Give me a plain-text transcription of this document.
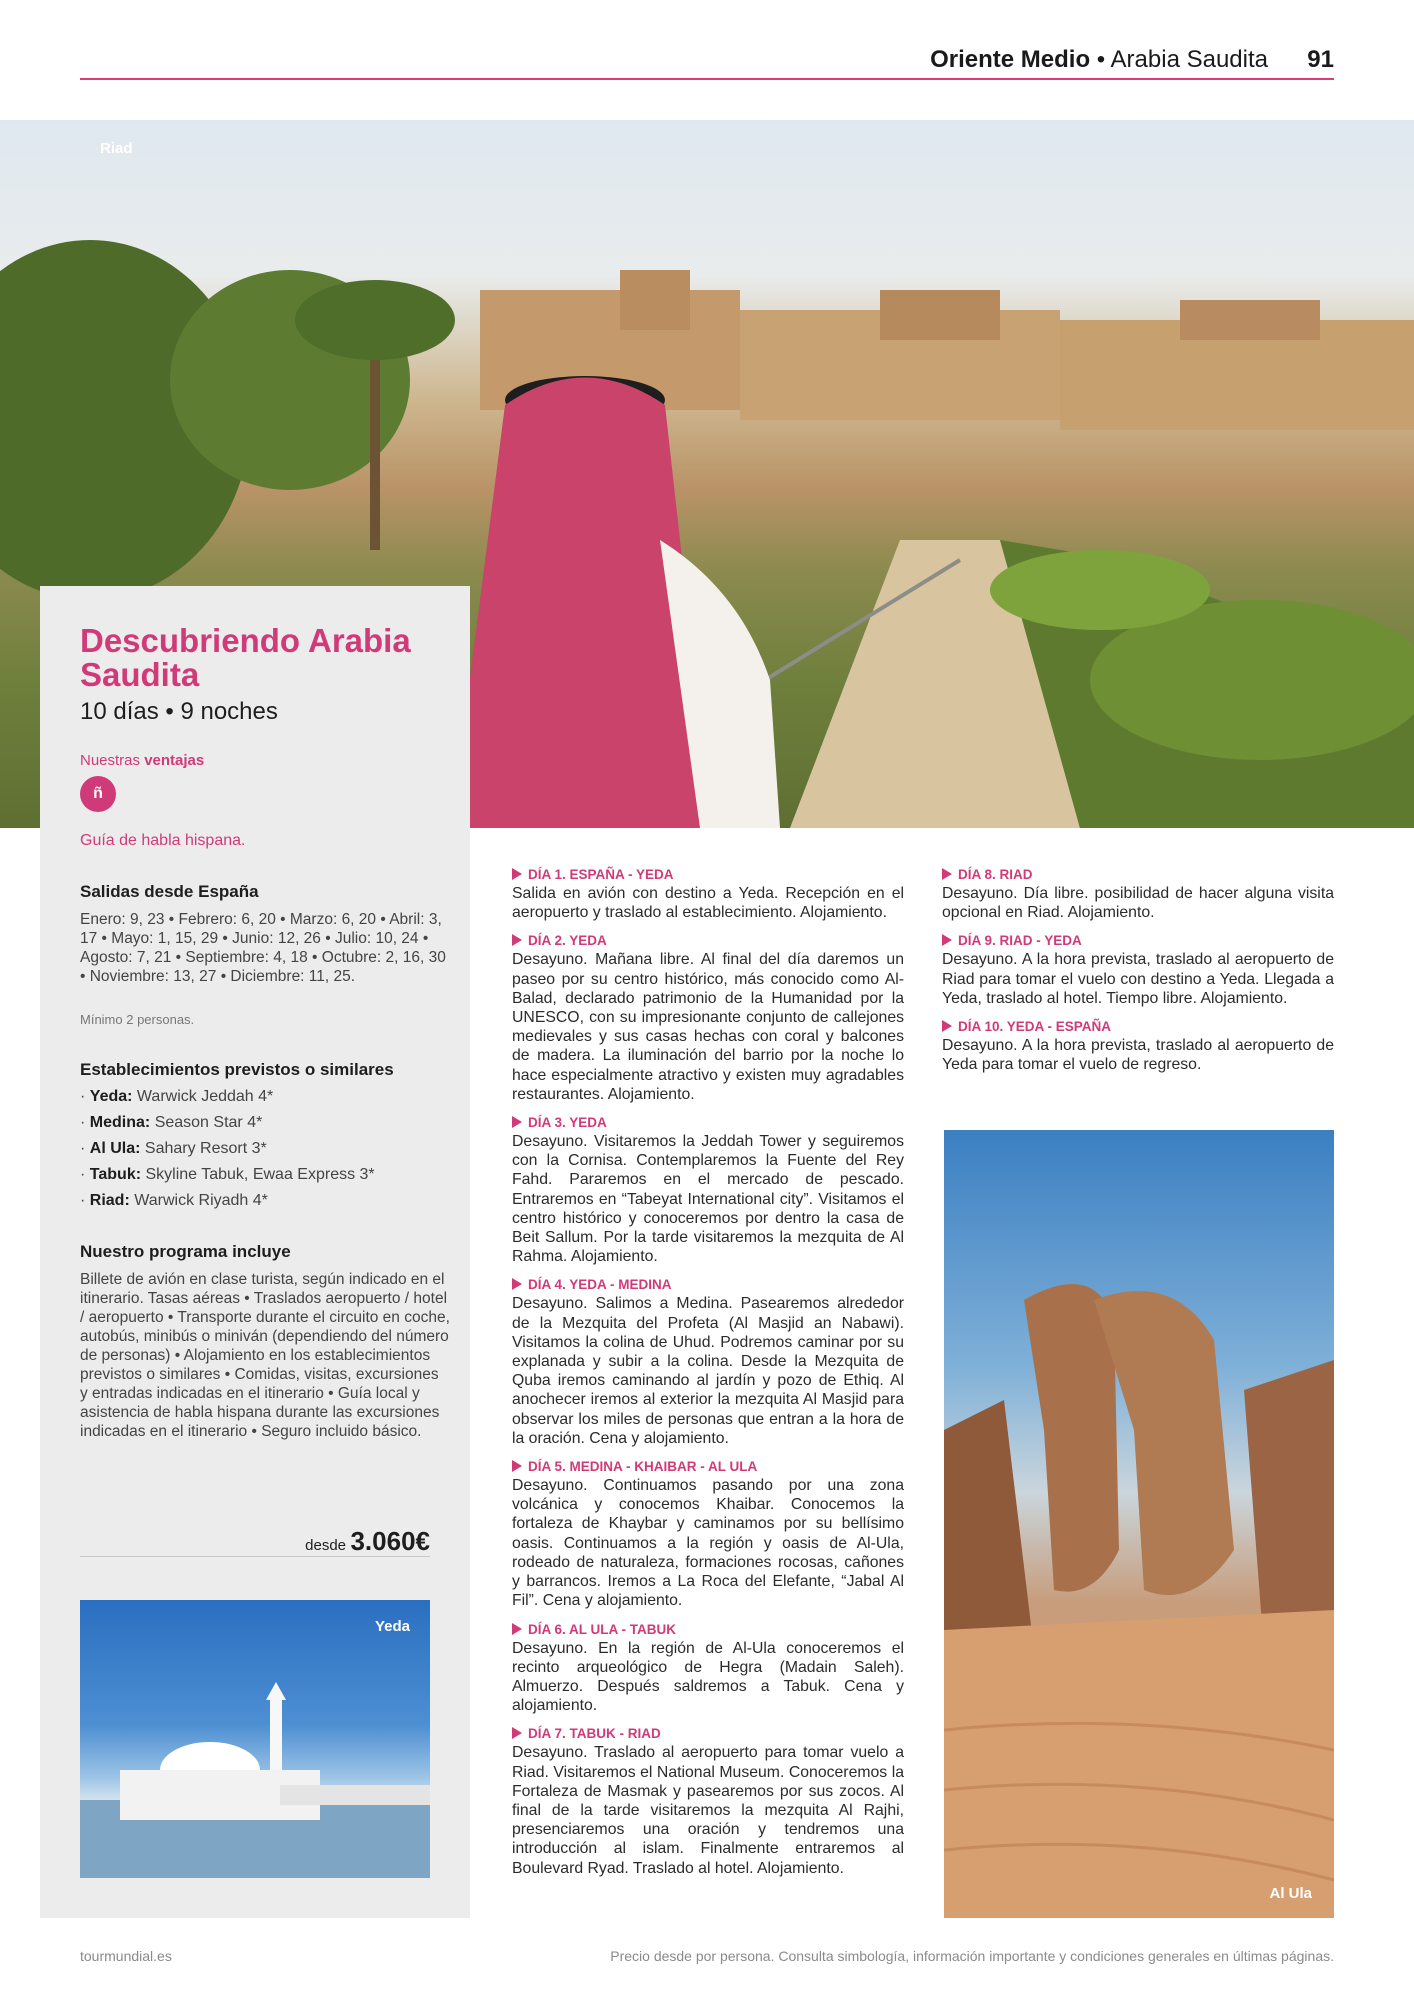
Oriente Medio • Arabia Saudita 91
Riad
Descubriendo Arabia Saudita
10 días • 9 noches
Nuestras ventajas
ñ
Guía de habla hispana.
Salidas desde España
Enero: 9, 23 • Febrero: 6, 20 • Marzo: 6, 20 • Abril: 3, 17 • Mayo: 1, 15, 29 • Junio: 12, 26 • Julio: 10, 24 • Agosto: 7, 21 • Septiembre: 4, 18 • Octubre: 2, 16, 30 • Noviembre: 13, 27 • Diciembre: 11, 25.
Mínimo 2 personas.
Establecimientos previstos o similares
· Yeda: Warwick Jeddah 4*
· Medina: Season Star 4*
· Al Ula: Sahary Resort 3*
· Tabuk: Skyline Tabuk, Ewaa Express 3*
· Riad: Warwick Riyadh 4*
Nuestro programa incluye
Billete de avión en clase turista, según indicado en el itinerario. Tasas aéreas • Traslados aeropuerto / hotel / aeropuerto • Transporte durante el circuito en coche, autobús, minibús o miniván (dependiendo del número de personas) • Alojamiento en los establecimientos previstos o similares • Comidas, visitas, excursiones y entradas indicadas en el itinerario • Guía local y asistencia de habla hispana durante las excursiones indicadas en el itinerario • Seguro incluido básico.
desde 3.060€
Yeda
DÍA 1. ESPAÑA - YEDA
Salida en avión con destino a Yeda. Recepción en el aeropuerto y traslado al establecimiento. Alojamiento.
DÍA 2. YEDA
Desayuno. Mañana libre. Al final del día daremos un paseo por su centro histórico, más conocido como Al-Balad, declarado patrimonio de la Humanidad por la UNESCO, con su impresionante conjunto de callejones medievales y sus casas hechas con coral y balcones de madera. La iluminación del barrio por la noche lo hace especialmente atractivo y existen muy agradables restaurantes. Alojamiento.
DÍA 3. YEDA
Desayuno. Visitaremos la Jeddah Tower y seguiremos con la Cornisa. Contemplaremos la Fuente del Rey Fahd. Pararemos en el mercado de pescado. Entraremos en “Tabeyat International city”. Visitamos el centro histórico y conoceremos por dentro la casa de Beit Sallum. Por la tarde visitaremos la mezquita de Al Rahma. Alojamiento.
DÍA 4. YEDA - MEDINA
Desayuno. Salimos a Medina. Pasearemos alrededor de la Mezquita del Profeta (Al Masjid an Nabawi). Visitamos la colina de Uhud. Podremos caminar por su explanada y subir a la colina. Desde la Mezquita de Quba iremos caminando al jardín y pozo de Ethiq. Al anochecer iremos al exterior la mezquita Al Masjid para observar los miles de personas que entran a la hora de la oración. Cena y alojamiento.
DÍA 5. MEDINA - KHAIBAR - AL ULA
Desayuno. Continuamos pasando por una zona volcánica y conocemos Khaibar. Conocemos la fortaleza de Khaybar y caminamos por su bellísimo oasis. Continuamos a la región y oasis de Al-Ula, rodeado de naturaleza, formaciones rocosas, cañones y barrancos. Iremos a La Roca del Elefante, “Jabal Al Fil”. Cena y alojamiento.
DÍA 6. AL ULA - TABUK
Desayuno. En la región de Al-Ula conoceremos el recinto arqueológico de Hegra (Madain Saleh). Almuerzo. Después saldremos a Tabuk. Cena y alojamiento.
DÍA 7. TABUK - RIAD
Desayuno. Traslado al aeropuerto para tomar vuelo a Riad. Visitaremos el National Museum. Conoceremos la Fortaleza de Masmak y pasearemos por sus zocos. Al final de la tarde visitaremos la mezquita Al Rajhi, presenciaremos una oración y tendremos una introducción al islam. Finalmente entraremos al Boulevard Ryad. Traslado al hotel. Alojamiento.
DÍA 8. RIAD
Desayuno. Día libre. posibilidad de hacer alguna visita opcional en Riad. Alojamiento.
DÍA 9. RIAD - YEDA
Desayuno. A la hora prevista, traslado al aeropuerto de Riad para tomar el vuelo con destino a Yeda. Llegada a Yeda, traslado al hotel. Tiempo libre. Alojamiento.
DÍA 10. YEDA - ESPAÑA
Desayuno. A la hora prevista, traslado al aeropuerto de Yeda para tomar el vuelo de regreso.
Al Ula
tourmundial.es	Precio desde por persona. Consulta simbología, información importante y condiciones generales en últimas páginas.
